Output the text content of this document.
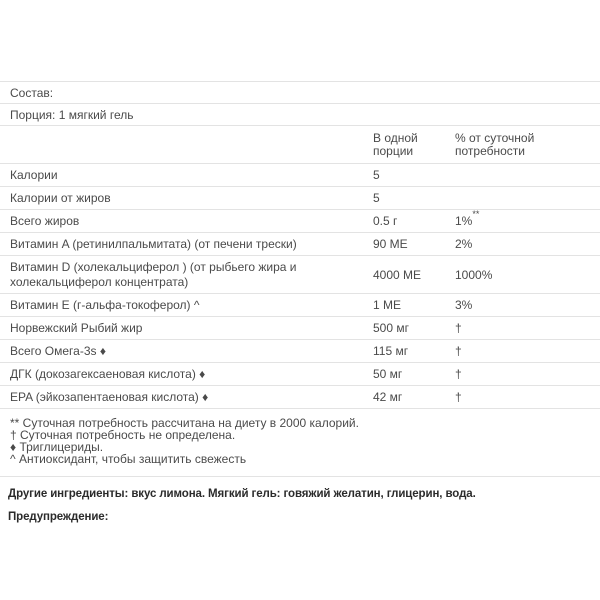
Состав:
Порция: 1 мягкий гель
	В одной порции	% от суточной потребности
Калории	5	
Калории от жиров	5	
Всего жиров	0.5 г	1%**
Витамин A (ретинилпальмитата) (от печени трески)	90 МЕ	2%
Витамин D (холекальциферол ) (от рыбьего жира и холекальциферол концентрата)	4000 МЕ	1000%
Витамин E (г-альфа-токоферол) ^	1 МЕ	3%
Норвежский Рыбий жир	500 мг	†
Всего Омега-3s ♦	115 мг	†
ДГК (докозагексаеновая кислота) ♦	50 мг	†
EPA (эйкозапентаеновая кислота) ♦	42 мг	†
** Суточная потребность рассчитана на диету в 2000 калорий.
† Суточная потребность не определена.
♦ Триглицериды.
^ Антиоксидант, чтобы защитить свежесть

Другие ингредиенты: вкус лимона. Мягкий гель: говяжий желатин, глицерин, вода.

Предупреждение:
